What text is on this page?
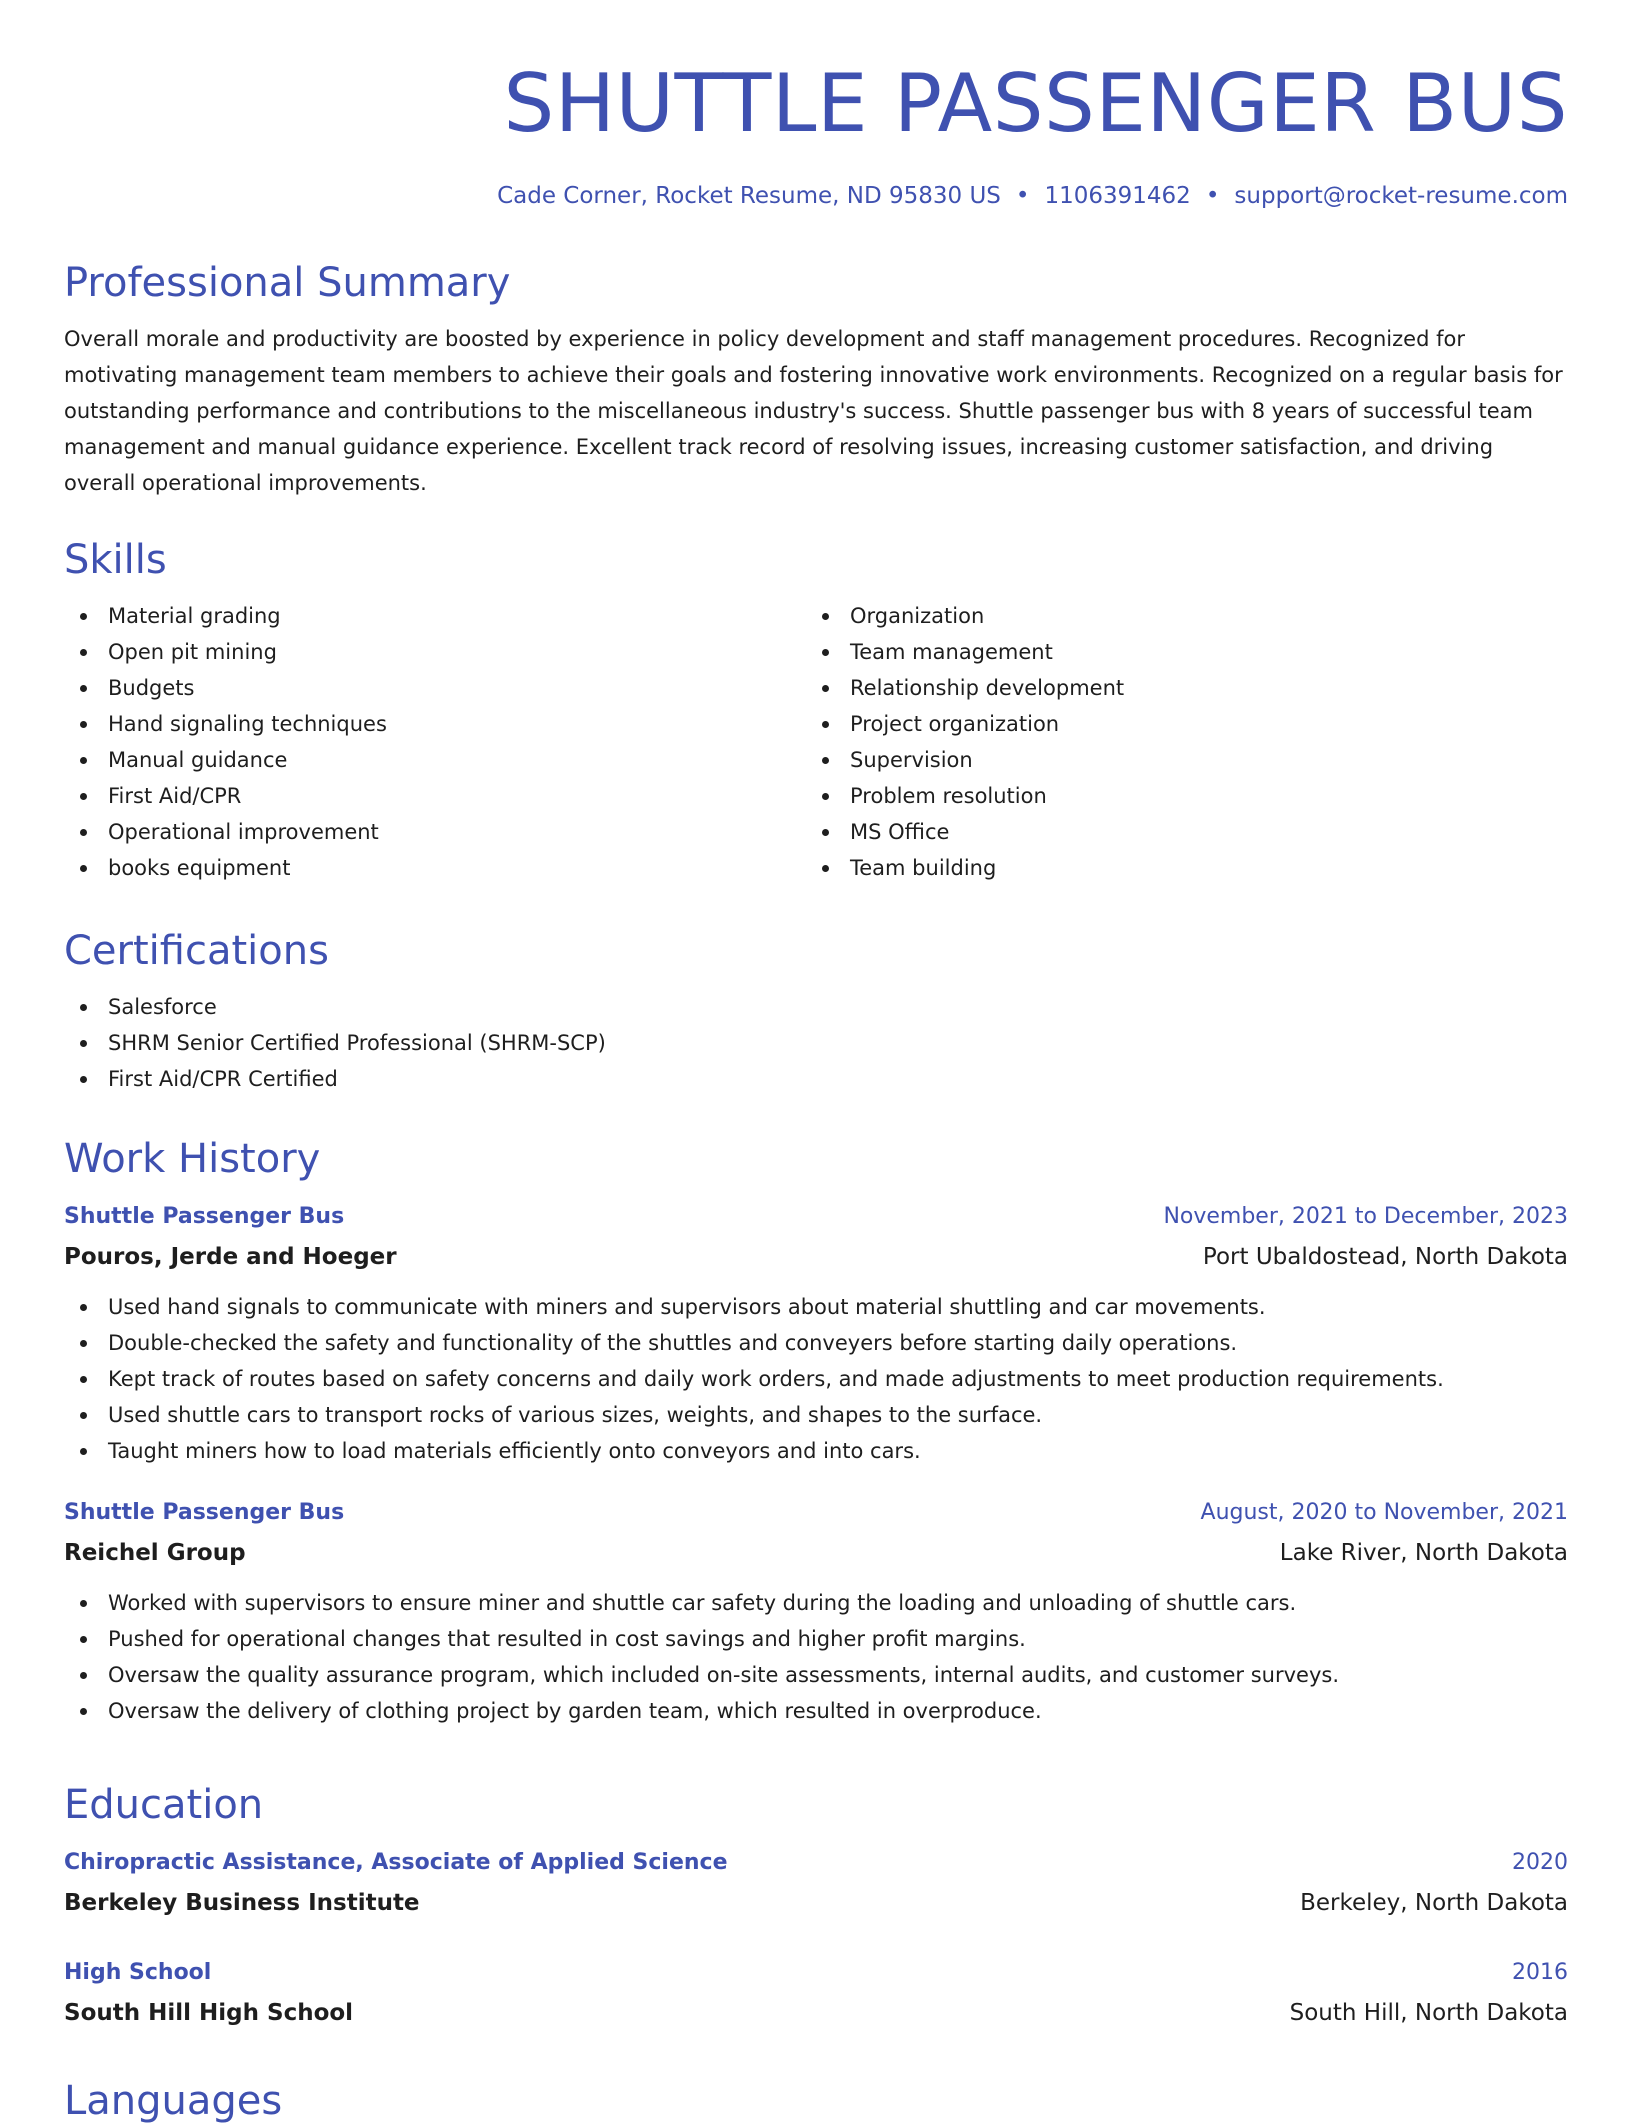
SHUTTLE PASSENGER BUS
Cade Corner, Rocket Resume, ND 95830 US • 1106391462 • support@rocket-resume.com
Professional Summary

Overall morale and productivity are boosted by experience in policy development and staff management procedures. Recognized for motivating management team members to achieve their goals and fostering innovative work environments. Recognized on a regular basis for outstanding performance and contributions to the miscellaneous industry's success. Shuttle passenger bus with 8 years of successful team management and manual guidance experience. Excellent track record of resolving issues, increasing customer satisfaction, and driving overall operational improvements.

Skills
Material grading
Open pit mining
Budgets
Hand signaling techniques
Manual guidance
First Aid/CPR
Operational improvement
books equipment
Organization
Team management
Relationship development
Project organization
Supervision
Problem resolution
MS Office
Team building
Certifications
Salesforce
SHRM Senior Certified Professional (SHRM-SCP)
First Aid/CPR Certified
Work History
Shuttle Passenger Bus	November, 2021 to December, 2023
Pouros, Jerde and Hoeger	Port Ubaldostead, North Dakota
Used hand signals to communicate with miners and supervisors about material shuttling and car movements.
Double-checked the safety and functionality of the shuttles and conveyers before starting daily operations.
Kept track of routes based on safety concerns and daily work orders, and made adjustments to meet production requirements.
Used shuttle cars to transport rocks of various sizes, weights, and shapes to the surface.
Taught miners how to load materials efficiently onto conveyors and into cars.
Shuttle Passenger Bus	August, 2020 to November, 2021
Reichel Group	Lake River, North Dakota
Worked with supervisors to ensure miner and shuttle car safety during the loading and unloading of shuttle cars.
Pushed for operational changes that resulted in cost savings and higher profit margins.
Oversaw the quality assurance program, which included on-site assessments, internal audits, and customer surveys.
Oversaw the delivery of clothing project by garden team, which resulted in overproduce.
Education
Chiropractic Assistance, Associate of Applied Science	2020
Berkeley Business Institute	Berkeley, North Dakota
High School	2016
South Hill High School	South Hill, North Dakota
Languages
